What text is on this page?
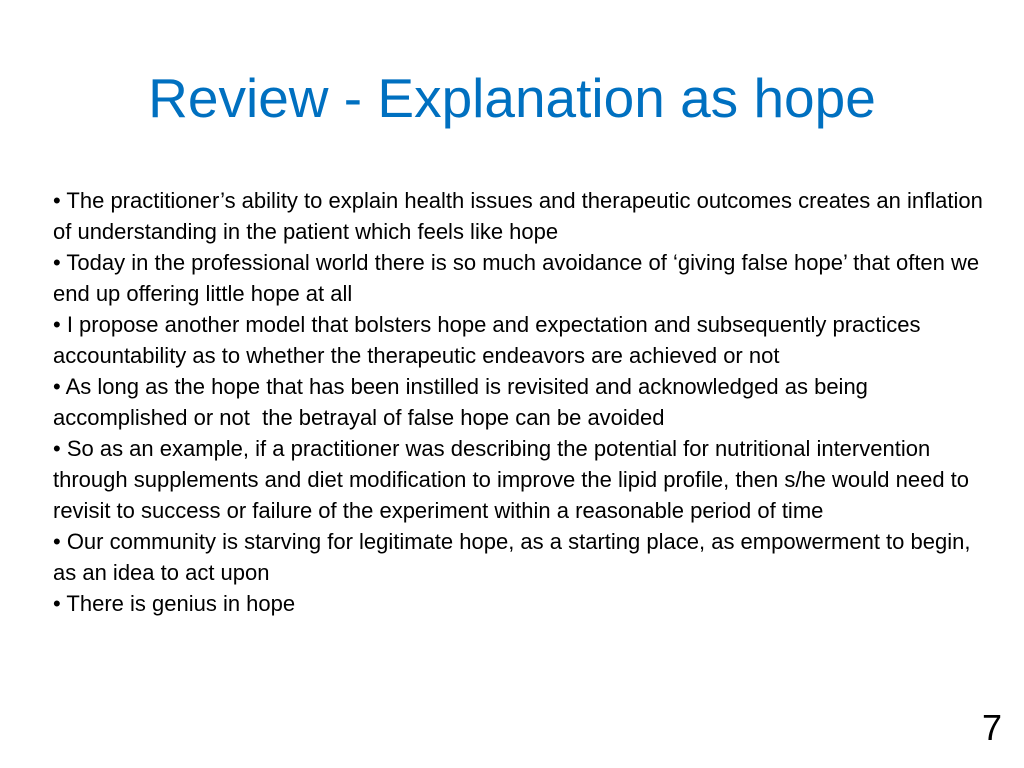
Review - Explanation as hope

• The practitioner’s ability to explain health issues and therapeutic outcomes creates an inflation of understanding in the patient which feels like hope

• Today in the professional world there is so much avoidance of ‘giving false hope’ that often we end up offering little hope at all

• I propose another model that bolsters hope and expectation and subsequently practices accountability as to whether the therapeutic endeavors are achieved or not

• As long as the hope that has been instilled is revisited and acknowledged as being accomplished or not  the betrayal of false hope can be avoided

• So as an example, if a practitioner was describing the potential for nutritional intervention through supplements and diet modification to improve the lipid profile, then s/he would need to revisit to success or failure of the experiment within a reasonable period of time

• Our community is starving for legitimate hope, as a starting place, as empowerment to begin, as an idea to act upon

• There is genius in hope

7
